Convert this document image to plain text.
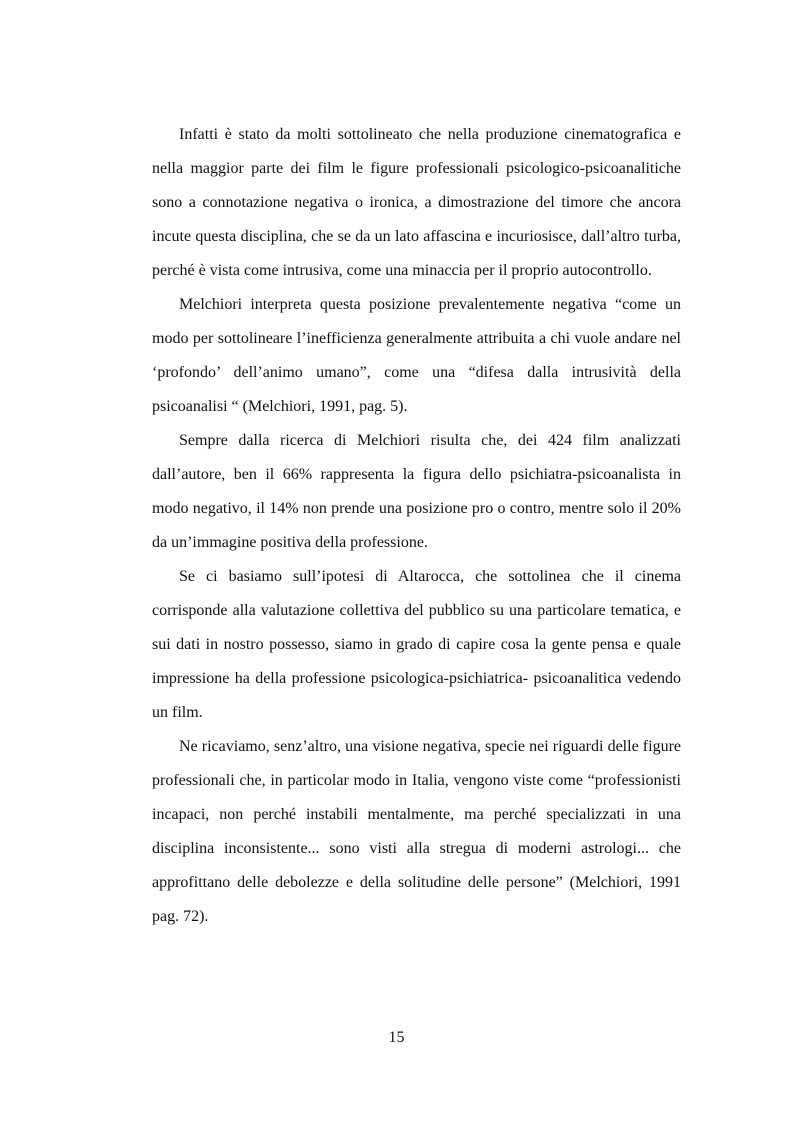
Infatti è stato da molti sottolineato che nella produzione cinematografica e nella maggior parte dei film le figure professionali psicologico-psicoanalitiche sono a connotazione negativa o ironica, a dimostrazione del timore che ancora incute questa disciplina, che se da un lato affascina e incuriosisce, dall’altro turba, perché è vista come intrusiva, come una minaccia per il proprio autocontrollo.

Melchiori interpreta questa posizione prevalentemente negativa “come un modo per sottolineare l’inefficienza generalmente attribuita a chi vuole andare nel ‘profondo’ dell’animo umano”, come una “difesa dalla intrusività della psicoanalisi “ (Melchiori, 1991, pag. 5).

Sempre dalla ricerca di Melchiori risulta che, dei 424 film analizzati dall’autore, ben il 66% rappresenta la figura dello psichiatra-psicoanalista in modo negativo, il 14% non prende una posizione pro o contro, mentre solo il 20% da un’immagine positiva della professione.

Se ci basiamo sull’ipotesi di Altarocca, che sottolinea che il cinema corrisponde alla valutazione collettiva del pubblico su una particolare tematica, e sui dati in nostro possesso, siamo in grado di capire cosa la gente pensa e quale impressione ha della professione psicologica-psichiatrica- psicoanalitica vedendo un film.

Ne ricaviamo, senz’altro, una visione negativa, specie nei riguardi delle figure professionali che, in particolar modo in Italia, vengono viste come “professionisti incapaci, non perché instabili mentalmente, ma perché specializzati in una disciplina inconsistente... sono visti alla stregua di moderni astrologi... che approfittano delle debolezze e della solitudine delle persone” (Melchiori, 1991 pag. 72).

15
